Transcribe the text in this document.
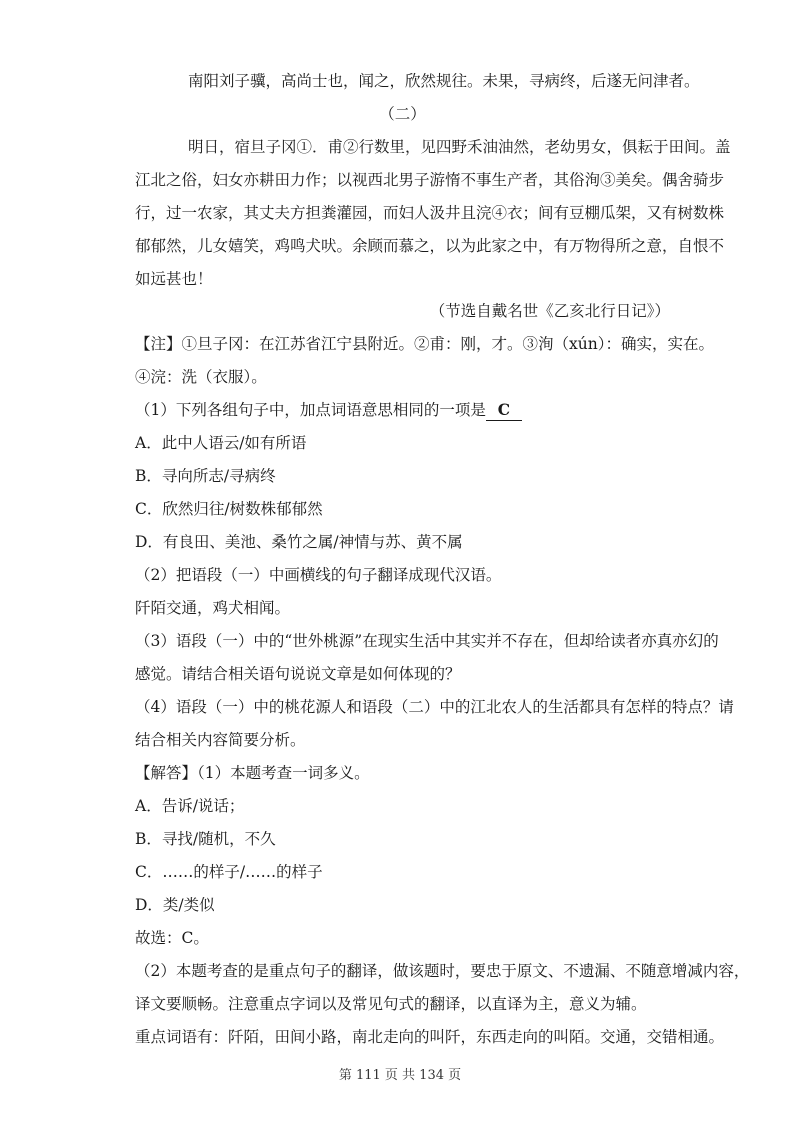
南阳刘子骥，高尚士也，闻之，欣然规往。未果，寻病终，后遂无问津者。
（二）
明日，宿旦子冈①．甫②行数里，见四野禾油油然，老幼男女，俱耘于田间。盖
江北之俗，妇女亦耕田力作；以视西北男子游惰不事生产者，其俗洵③美矣。偶舍骑步
行，过一农家，其丈夫方担粪灌园，而妇人汲井且浣④衣；间有豆棚瓜架，又有树数株
郁郁然，儿女嬉笑，鸡鸣犬吠。余顾而慕之，以为此家之中，有万物得所之意，自恨不
如远甚也！
（节选自戴名世《乙亥北行日记》）
【注】①旦子冈：在江苏省江宁县附近。②甫：刚，才。③洵（xún）：确实，实在。
④浣：洗（衣服）。
（1）下列各组句子中，加点词语意思相同的一项是 C
A．此中人语云/如有所语
B．寻向所志/寻病终
C．欣然归往/树数株郁郁然
D．有良田、美池、桑竹之属/神情与苏、黄不属
（2）把语段（一）中画横线的句子翻译成现代汉语。
阡陌交通，鸡犬相闻。
（3）语段（一）中的“世外桃源”在现实生活中其实并不存在，但却给读者亦真亦幻的
感觉。请结合相关语句说说文章是如何体现的？
（4）语段（一）中的桃花源人和语段（二）中的江北农人的生活都具有怎样的特点？请
结合相关内容简要分析。
【解答】（1）本题考查一词多义。
A．告诉/说话；
B．寻找/随机，不久
C．……的样子/……的样子
D．类/类似
故选：C。
（2）本题考查的是重点句子的翻译，做该题时，要忠于原文、不遗漏、不随意增减内容，
译文要顺畅。注意重点字词以及常见句式的翻译，以直译为主，意义为辅。
重点词语有：阡陌，田间小路，南北走向的叫阡，东西走向的叫陌。交通，交错相通。
第 111 页 共 134 页
